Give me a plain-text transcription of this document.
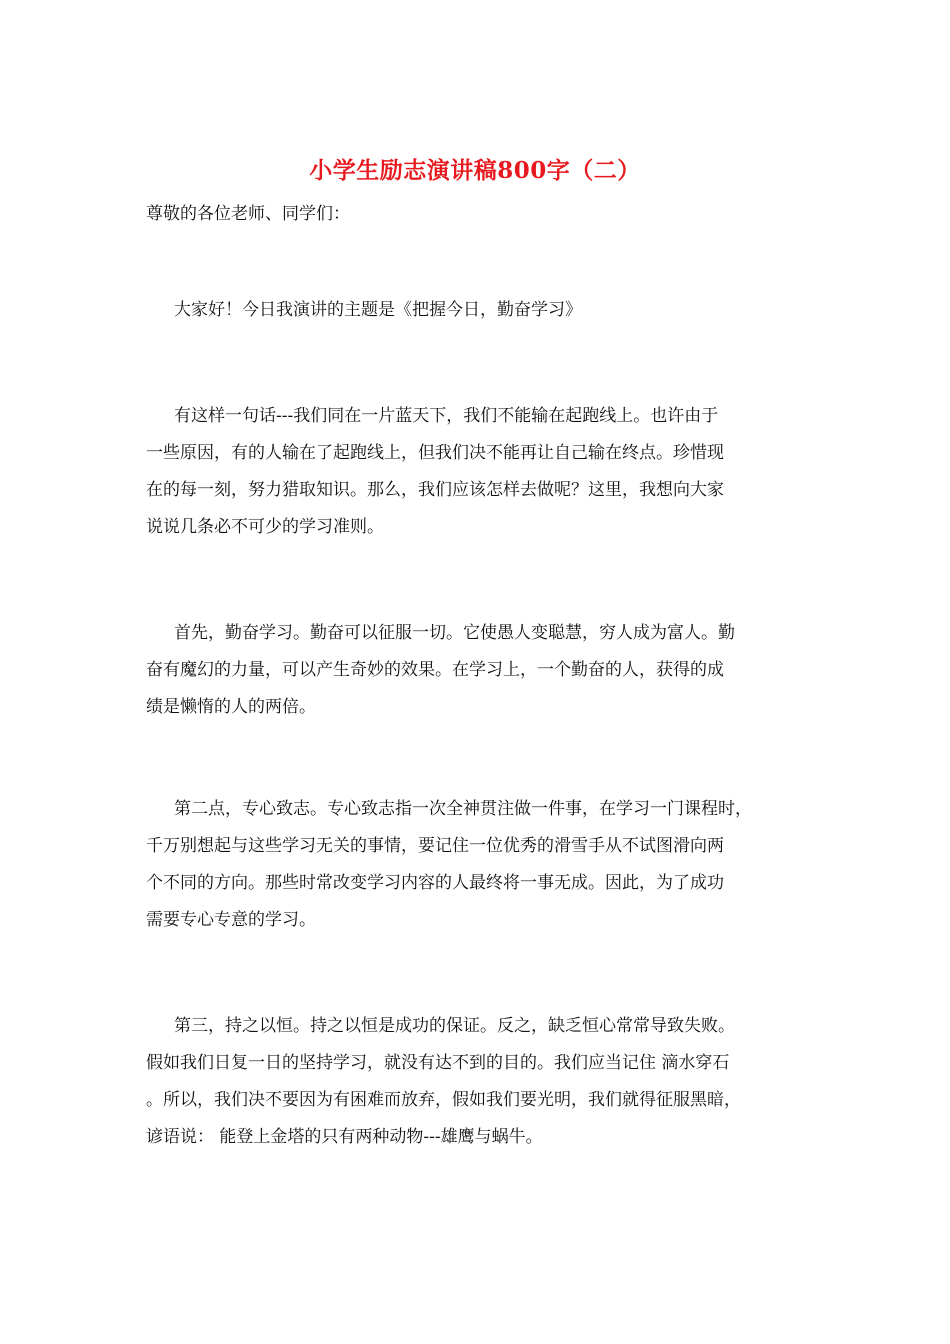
小学生励志演讲稿800字（二）
尊敬的各位老师、同学们：
大家好！今日我演讲的主题是《把握今日，勤奋学习》
有这样一句话---我们同在一片蓝天下，我们不能输在起跑线上。也许由于
一些原因，有的人输在了起跑线上，但我们决不能再让自己输在终点。珍惜现
在的每一刻，努力猎取知识。那么，我们应该怎样去做呢？这里，我想向大家
说说几条必不可少的学习准则。
首先，勤奋学习。勤奋可以征服一切。它使愚人变聪慧，穷人成为富人。勤
奋有魔幻的力量，可以产生奇妙的效果。在学习上，一个勤奋的人，获得的成
绩是懒惰的人的两倍。
第二点，专心致志。专心致志指一次全神贯注做一件事，在学习一门课程时，
千万别想起与这些学习无关的事情，要记住一位优秀的滑雪手从不试图滑向两
个不同的方向。那些时常改变学习内容的人最终将一事无成。因此，为了成功
需要专心专意的学习。
第三，持之以恒。持之以恒是成功的保证。反之，缺乏恒心常常导致失败。
假如我们日复一日的坚持学习，就没有达不到的目的。我们应当记住 滴水穿石
。所以，我们决不要因为有困难而放弃，假如我们要光明，我们就得征服黑暗，
谚语说： 能登上金塔的只有两种动物---雄鹰与蜗牛。
